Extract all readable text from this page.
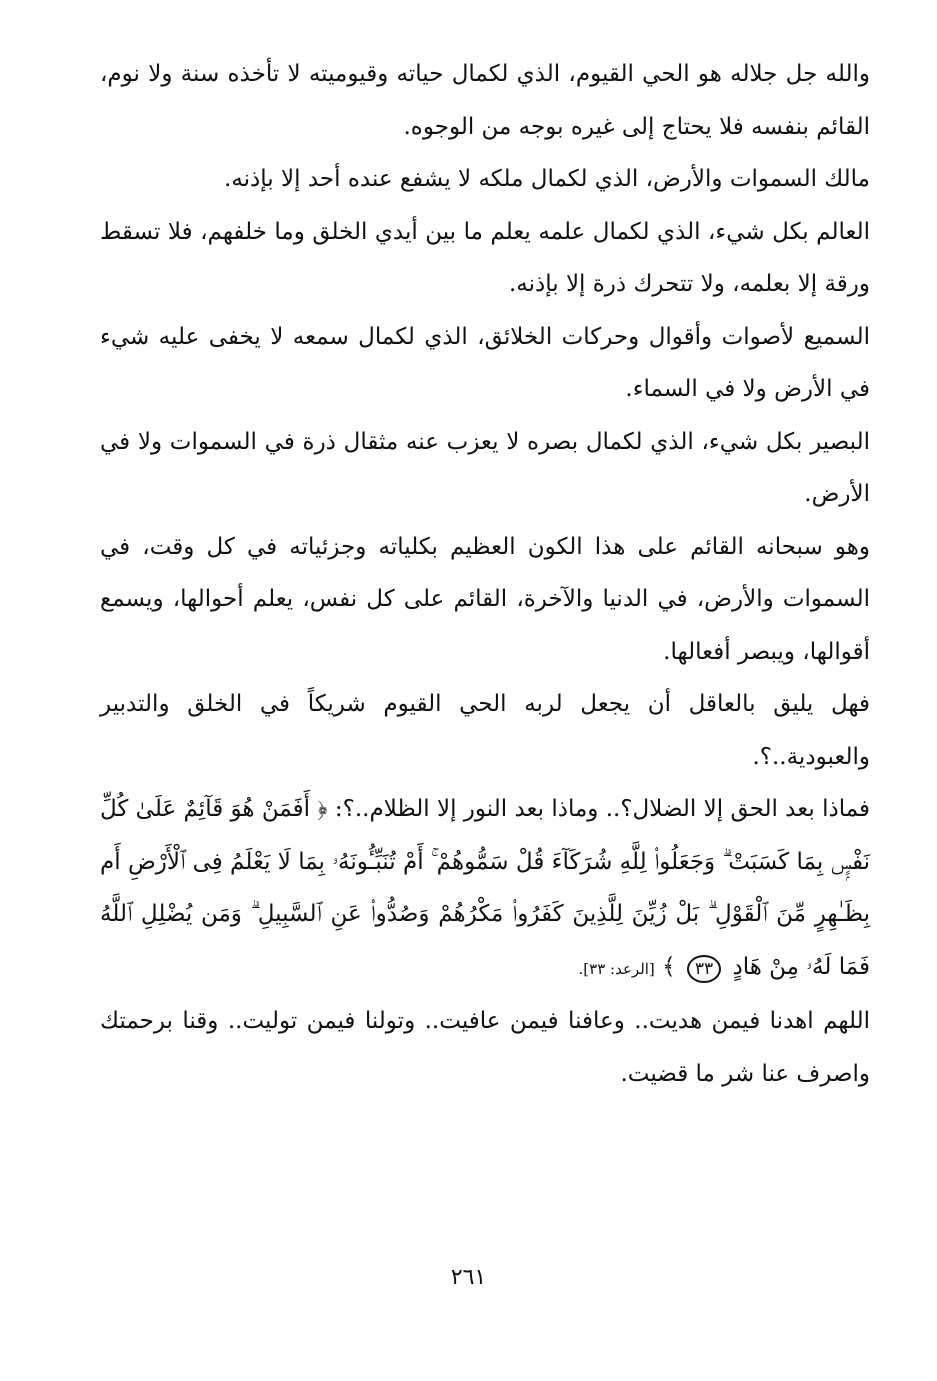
والله جل جلاله هو الحي القيوم، الذي لكمال حياته وقيوميته لا تأخذه سنة ولا نوم، القائم بنفسه فلا يحتاج إلى غيره بوجه من الوجوه.

مالك السموات والأرض، الذي لكمال ملكه لا يشفع عنده أحد إلا بإذنه.

العالم بكل شيء، الذي لكمال علمه يعلم ما بين أيدي الخلق وما خلفهم، فلا تسقط ورقة إلا بعلمه، ولا تتحرك ذرة إلا بإذنه.

السميع لأصوات وأقوال وحركات الخلائق، الذي لكمال سمعه لا يخفى عليه شيء في الأرض ولا في السماء.

البصير بكل شيء، الذي لكمال بصره لا يعزب عنه مثقال ذرة في السموات ولا في الأرض.

وهو سبحانه القائم على هذا الكون العظيم بكلياته وجزئياته في كل وقت، في السموات والأرض، في الدنيا والآخرة، القائم على كل نفس، يعلم أحوالها، ويسمع أقوالها، ويبصر أفعالها.

فهل يليق بالعاقل أن يجعل لربه الحي القيوم شريكاً في الخلق والتدبير والعبودية..؟.

فماذا بعد الحق إلا الضلال؟.. وماذا بعد النور إلا الظلام..؟: ﴿ أَفَمَنْ هُوَ قَآئِمٌ عَلَىٰ كُلِّ نَفْسٍۭ بِمَا كَسَبَتْ ۗ وَجَعَلُوا۟ لِلَّهِ شُرَكَآءَ قُلْ سَمُّوهُمْ ۚ أَمْ تُنَبِّـُٔونَهُۥ بِمَا لَا يَعْلَمُ فِى ٱلْأَرْضِ أَم بِظَـٰهِرٍ مِّنَ ٱلْقَوْلِ ۗ بَلْ زُيِّنَ لِلَّذِينَ كَفَرُوا۟ مَكْرُهُمْ وَصُدُّوا۟ عَنِ ٱلسَّبِيلِ ۗ وَمَن يُضْلِلِ ٱللَّهُ فَمَا لَهُۥ مِنْ هَادٍ ٣٣ ﴾ [الرعد: ٣٣].

اللهم اهدنا فيمن هديت.. وعافنا فيمن عافيت.. وتولنا فيمن توليت.. وقنا برحمتك واصرف عنا شر ما قضيت.

٢٦١
